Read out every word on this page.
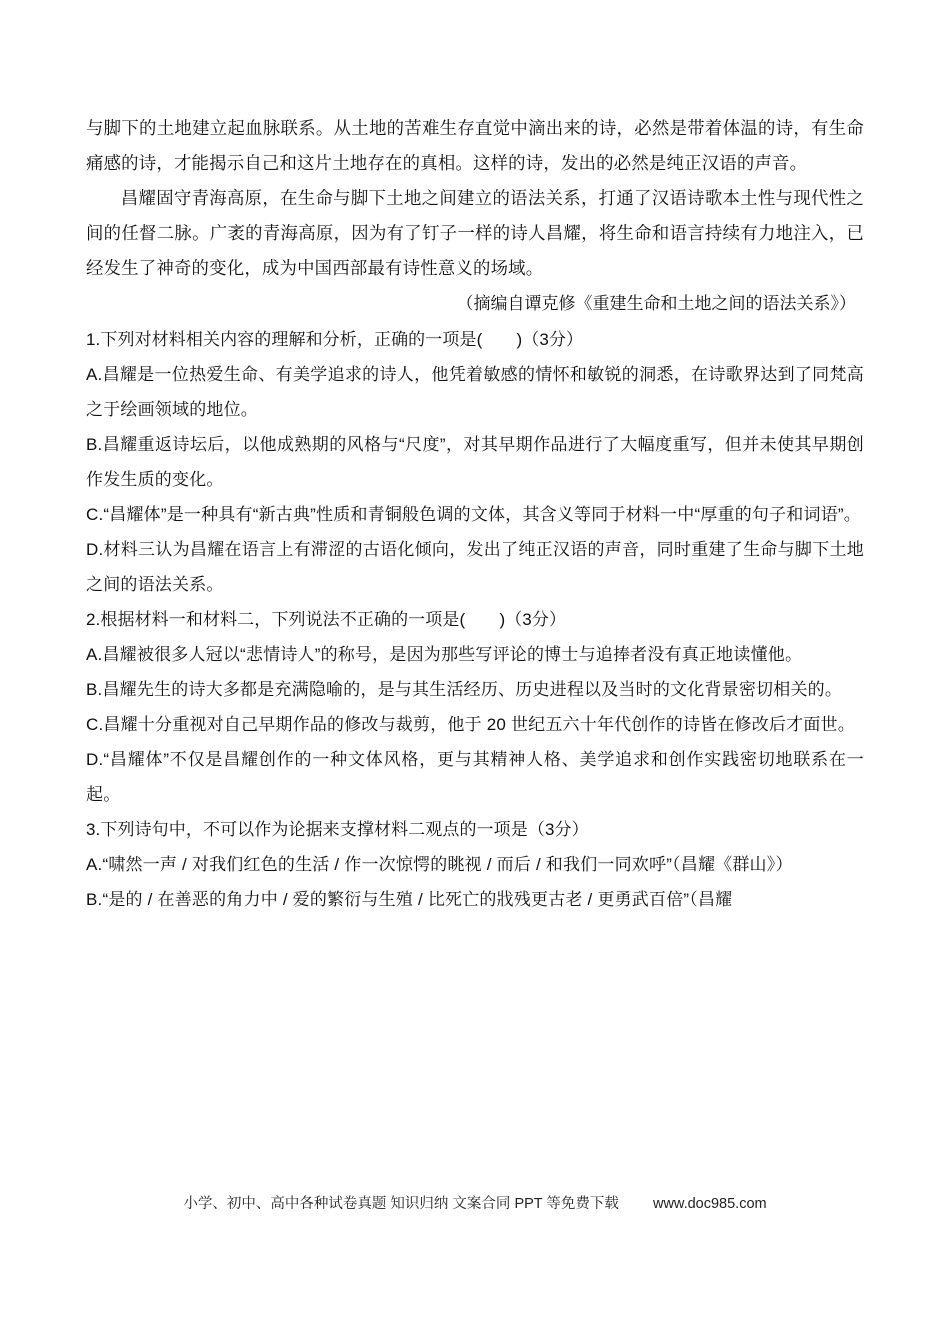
与脚下的土地建立起血脉联系。从土地的苦难生存直觉中滴出来的诗，必然是带着体温的诗，有生命痛感的诗，才能揭示自己和这片土地存在的真相。这样的诗，发出的必然是纯正汉语的声音。

昌耀固守青海高原，在生命与脚下土地之间建立的语法关系，打通了汉语诗歌本土性与现代性之间的任督二脉。广袤的青海高原，因为有了钉子一样的诗人昌耀，将生命和语言持续有力地注入，已经发生了神奇的变化，成为中国西部最有诗性意义的场域。

（摘编自谭克修《重建生命和土地之间的语法关系》）

1.下列对材料相关内容的理解和分析，正确的一项是(　　)（3分）

A.昌耀是一位热爱生命、有美学追求的诗人，他凭着敏感的情怀和敏锐的洞悉，在诗歌界达到了同梵高之于绘画领域的地位。

B.昌耀重返诗坛后，以他成熟期的风格与“尺度”，对其早期作品进行了大幅度重写，但并未使其早期创作发生质的变化。

C.“昌耀体”是一种具有“新古典”性质和青铜般色调的文体，其含义等同于材料一中“厚重的句子和词语”。

D.材料三认为昌耀在语言上有滞涩的古语化倾向，发出了纯正汉语的声音，同时重建了生命与脚下土地之间的语法关系。

2.根据材料一和材料二，下列说法不正确的一项是(　　)（3分）

A.昌耀被很多人冠以“悲情诗人”的称号，是因为那些写评论的博士与追捧者没有真正地读懂他。

B.昌耀先生的诗大多都是充满隐喻的，是与其生活经历、历史进程以及当时的文化背景密切相关的。

C.昌耀十分重视对自己早期作品的修改与裁剪，他于 20 世纪五六十年代创作的诗皆在修改后才面世。

D.“昌耀体”不仅是昌耀创作的一种文体风格，更与其精神人格、美学追求和创作实践密切地联系在一起。

3.下列诗句中，不可以作为论据来支撑材料二观点的一项是（3分）

A.“啸然一声 / 对我们红色的生活 / 作一次惊愕的眺视 / 而后 / 和我们一同欢呼”（昌耀《群山》）

B.“是的 / 在善恶的角力中 / 爱的繁衍与生殖 / 比死亡的戕残更古老 / 更勇武百倍”（昌耀

小学、初中、高中各种试卷真题 知识归纳 文案合同 PPT 等免费下载 www.doc985.com
